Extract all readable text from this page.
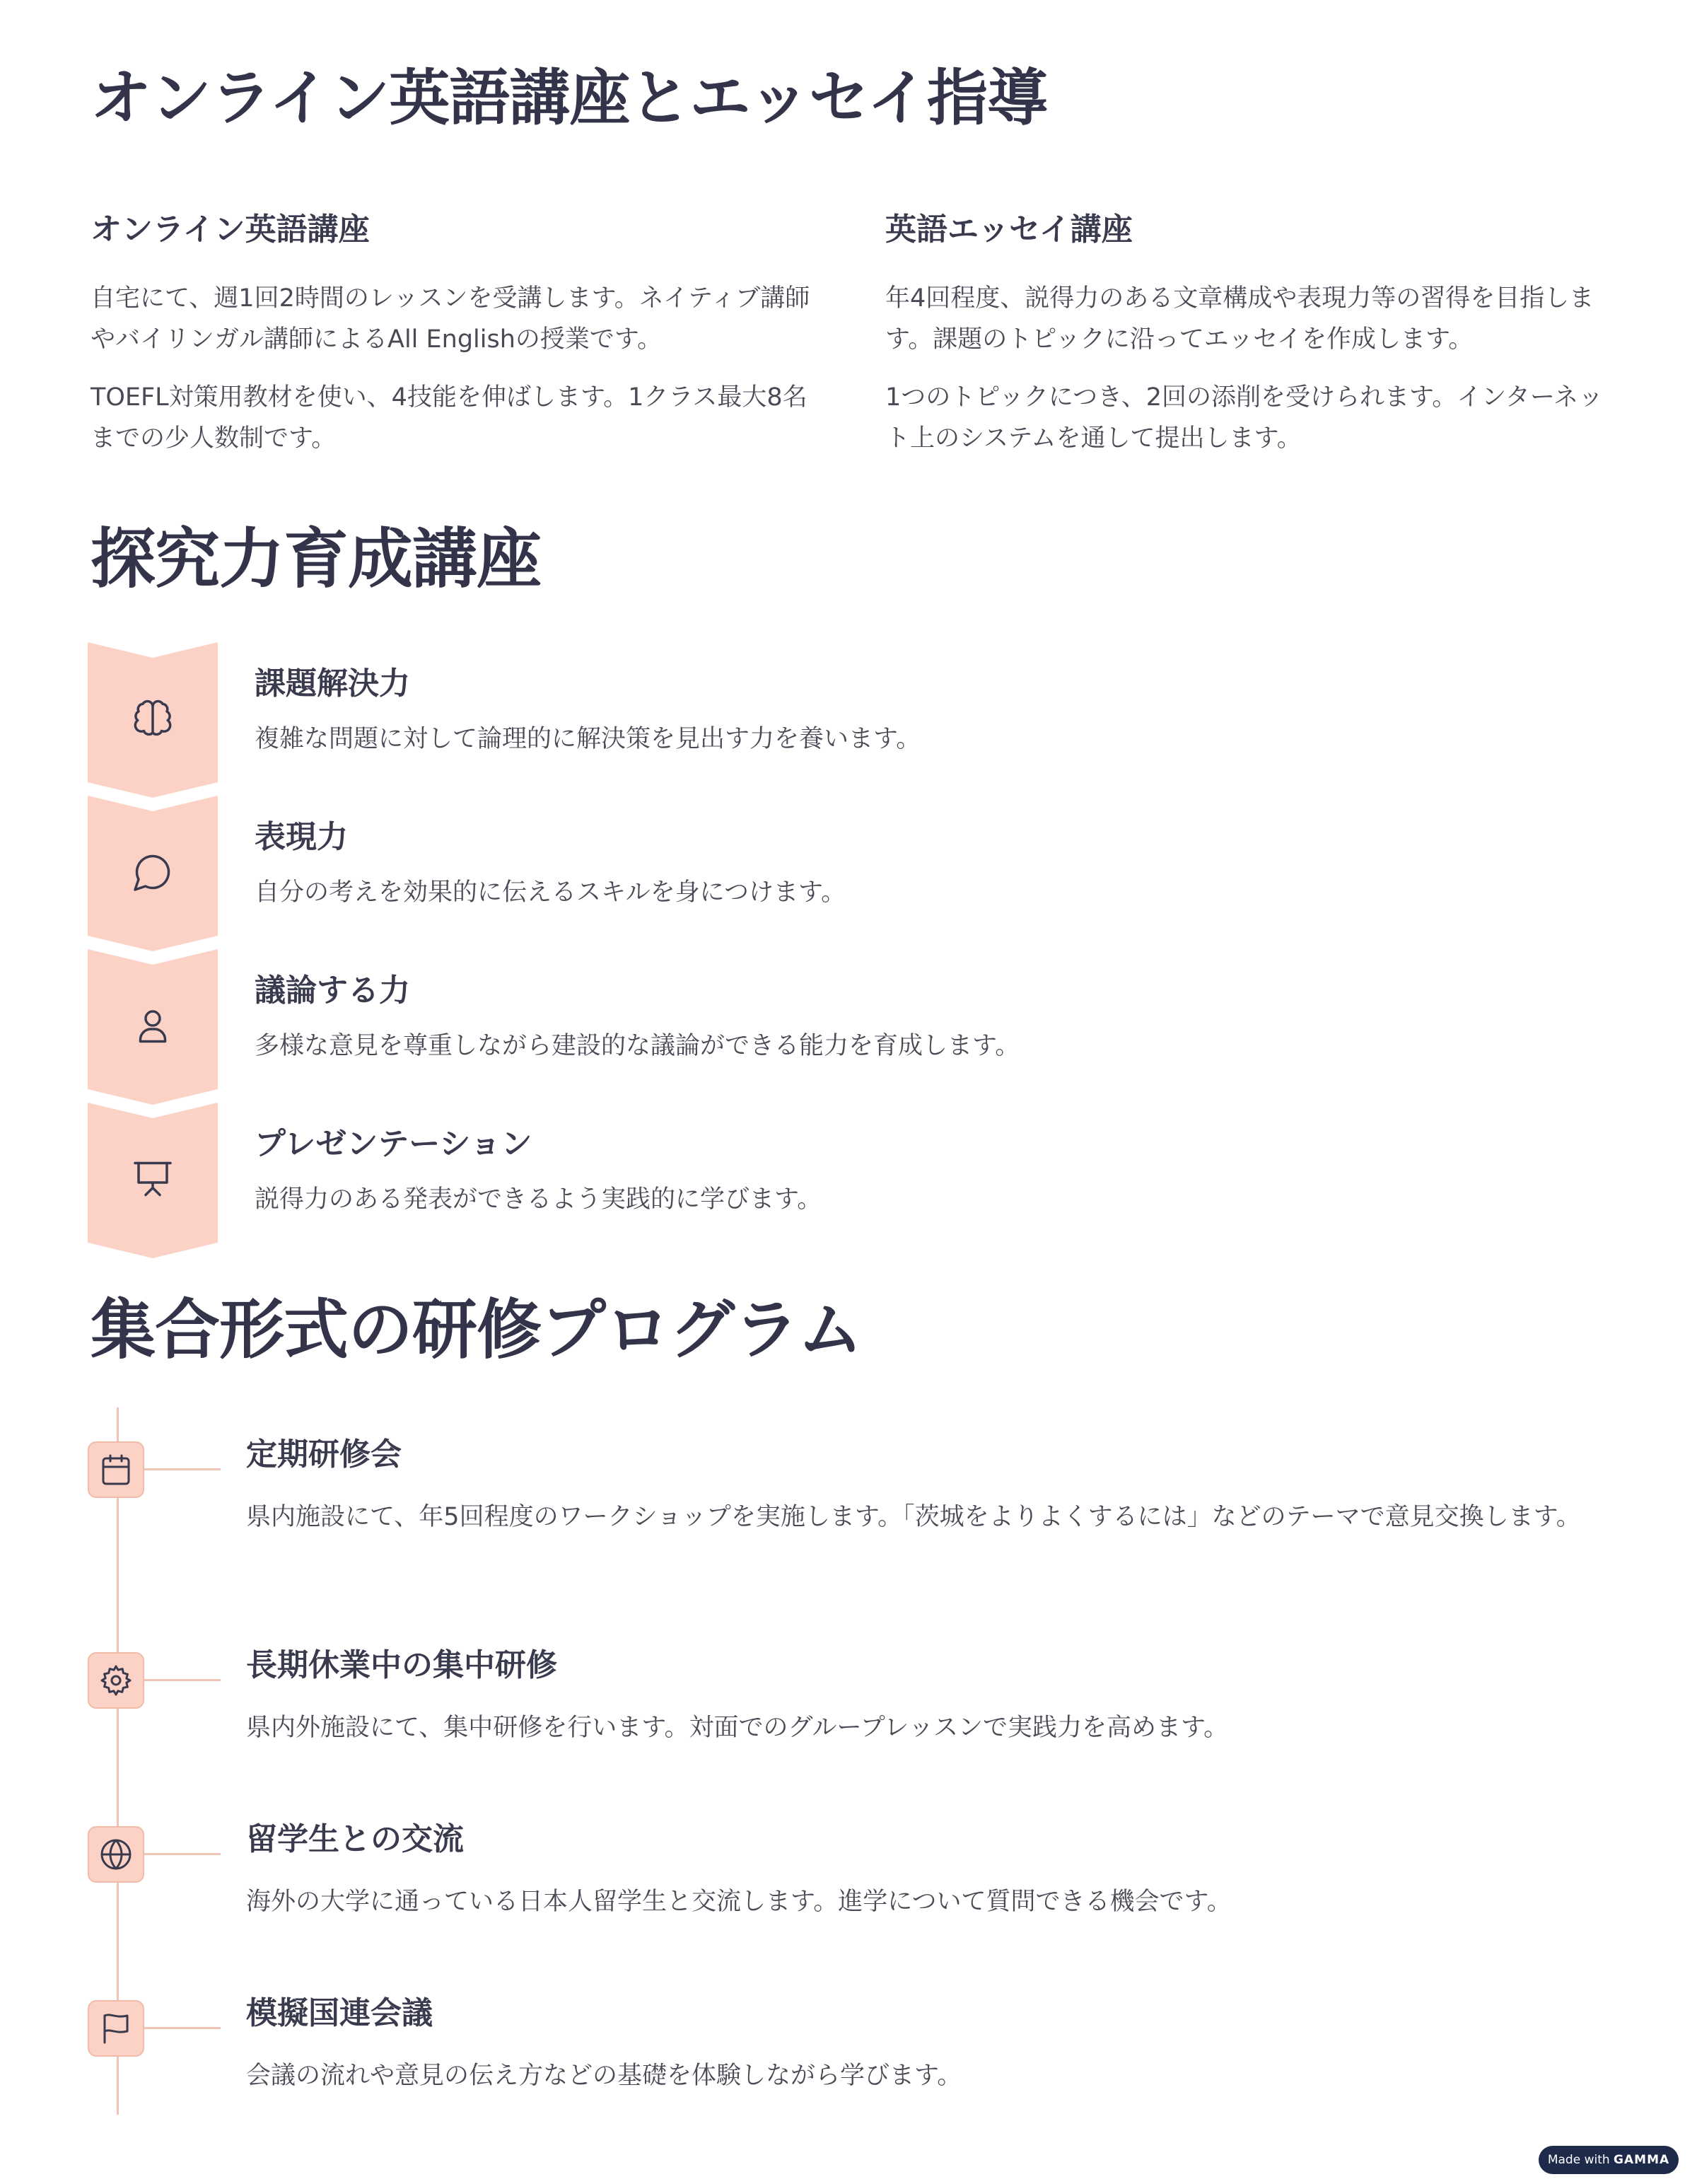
オンライン英語講座とエッセイ指導
オンライン英語講座

自宅にて、週1回2時間のレッスンを受講します。ネイティブ講師やバイリンガル講師によるAll Englishの授業です。

TOEFL対策用教材を使い、4技能を伸ばします。1クラス最大8名までの少人数制です。

英語エッセイ講座

年4回程度、説得力のある文章構成や表現力等の習得を目指します。課題のトピックに沿ってエッセイを作成します。

1つのトピックにつき、2回の添削を受けられます。インターネット上のシステムを通して提出します。

探究力育成講座
課題解決力

複雑な問題に対して論理的に解決策を見出す力を養います。

表現力

自分の考えを効果的に伝えるスキルを身につけます。

議論する力

多様な意見を尊重しながら建設的な議論ができる能力を育成します。

プレゼンテーション

説得力のある発表ができるよう実践的に学びます。

集合形式の研修プログラム
定期研修会

県内施設にて、年5回程度のワークショップを実施します。「茨城をよりよくするには」などのテーマで意見交換します。

長期休業中の集中研修

県内外施設にて、集中研修を行います。対面でのグループレッスンで実践力を高めます。

留学生との交流

海外の大学に通っている日本人留学生と交流します。進学について質問できる機会です。

模擬国連会議

会議の流れや意見の伝え方などの基礎を体験しながら学びます。

Made with GAMMA
